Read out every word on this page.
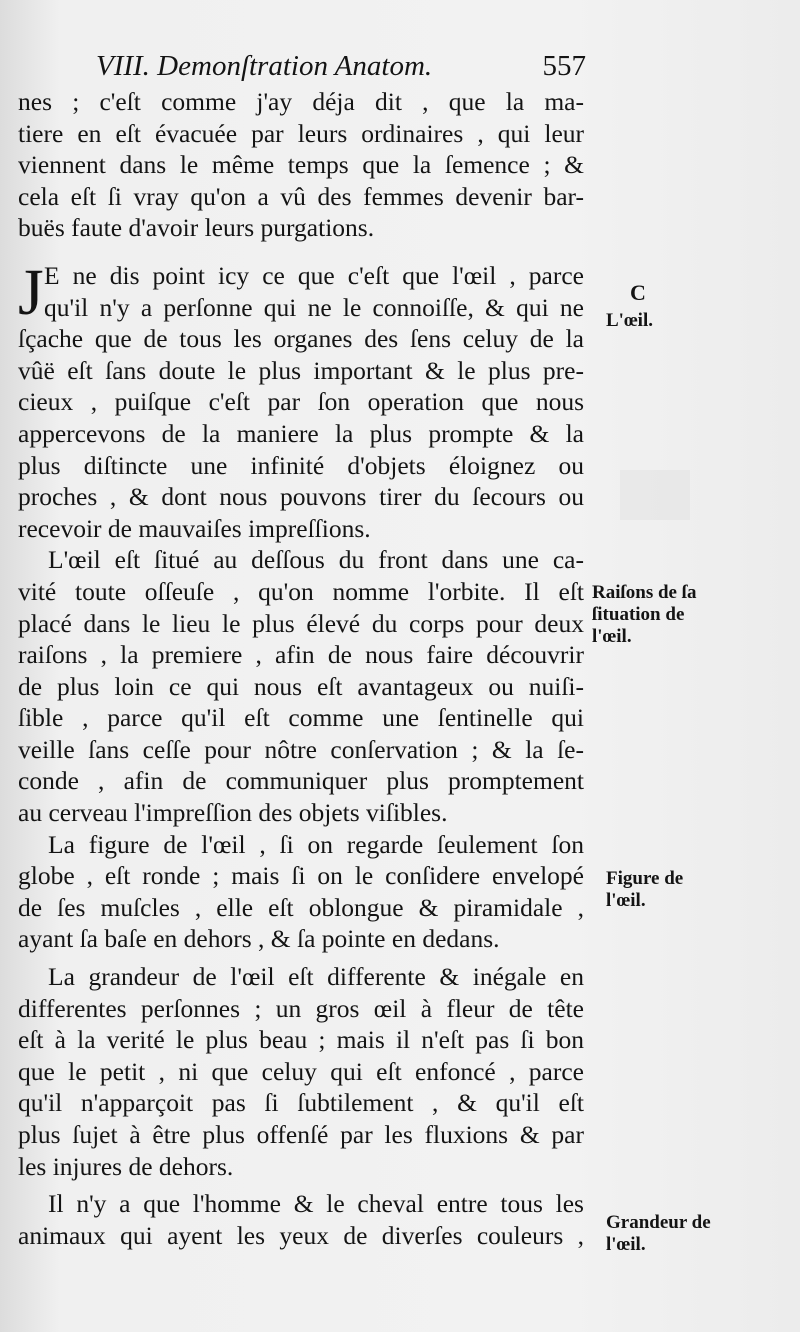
VIII. Demonſtration Anatom.	557
nes ; c'eſt comme j'ay déja dit , que la ma-
tiere en eſt évacuée par leurs ordinaires , qui leur
viennent dans le même temps que la ſemence ; &
cela eſt ſi vray qu'on a vû des femmes devenir bar-
buës faute d'avoir leurs purgations.
J E ne dis point icy ce que c'eſt que l'œil , parce
qu'il n'y a perſonne qui ne le connoiſſe, & qui ne
ſçache que de tous les organes des ſens celuy de la
vûë eſt ſans doute le plus important & le plus pre-
cieux , puiſque c'eſt par ſon operation que nous
appercevons de la maniere la plus prompte & la
plus diſtincte une infinité d'objets éloignez ou
proches , & dont nous pouvons tirer du ſecours ou
recevoir de mauvaiſes impreſſions.
L'œil eſt ſitué au deſſous du front dans une ca-
vité toute oſſeuſe , qu'on nomme l'orbite. Il eſt
placé dans le lieu le plus élevé du corps pour deux
raiſons , la premiere , afin de nous faire découvrir
de plus loin ce qui nous eſt avantageux ou nuiſi-
ſible , parce qu'il eſt comme une ſentinelle qui
veille ſans ceſſe pour nôtre conſervation ; & la ſe-
conde , afin de communiquer plus promptement
au cerveau l'impreſſion des objets viſibles.
La figure de l'œil , ſi on regarde ſeulement ſon
globe , eſt ronde ; mais ſi on le conſidere envelopé
de ſes muſcles , elle eſt oblongue & piramidale ,
ayant ſa baſe en dehors , & ſa pointe en dedans.
La grandeur de l'œil eſt differente & inégale en
differentes perſonnes ; un gros œil à fleur de tête
eſt à la verité le plus beau ; mais il n'eſt pas ſi bon
que le petit , ni que celuy qui eſt enfoncé , parce
qu'il n'apparçoit pas ſi ſubtilement , & qu'il eſt
plus ſujet à être plus offenſé par les fluxions & par
les injures de dehors.
Il n'y a que l'homme & le cheval entre tous les
animaux qui ayent les yeux de diverſes couleurs ,
C
L'œil.
Raiſons de ſa ſituation de l'œil.
Figure de l'œil.
Grandeur de l'œil.
